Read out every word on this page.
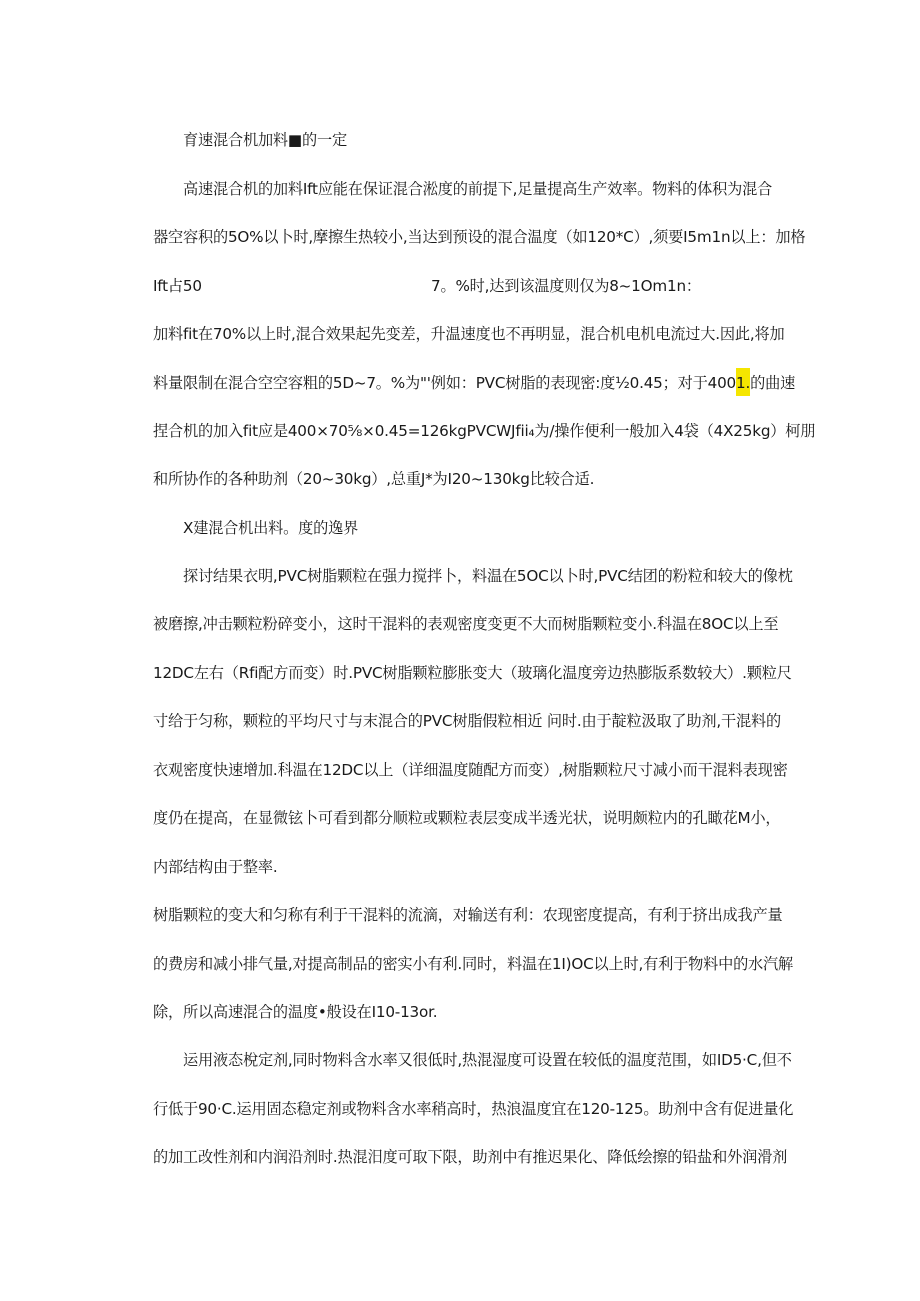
育速混合机加料■的一定
高速混合机的加料Ift应能在保证混合淞度的前提下,足量提高生产效率。物料的体积为混合
器空容积的5O%以卜时,摩擦生热较小,当达到预设的混合温度（如120*C）,须要I5m1n以上：加格
Ift占50	7。%时,达到该温度则仅为8~1Om1n：
加料fit在70%以上时,混合效果起先变差，升温速度也不再明显，混合机电机电流过大.因此,将加
料量限制在混合空空容粗的5D~7。%为"'例如：PVC树脂的表现密:度½0.45；对于4001.的曲速
捏合机的加入fit应是400×70⅝×0.45=126kgPVCWJfii₄为/操作便利一般加入4袋（4X25kg）柯朋
和所协作的各种助剂（20~30kg）,总重J*为I20~130kg比较合适.
X建混合机出料。度的逸界
探讨结果衣明,PVC树脂颗粒在强力搅拌卜，料温在5OC以卜时,PVC结团的粉粒和较大的像枕
被磨擦,冲击颗粒粉碎变小，这时干混料的表观密度变更不大而树脂颗粒变小.科温在8OC以上至
12DC左右（Rfi配方而变）时.PVC树脂颗粒膨胀变大（玻璃化温度旁边热膨版系数较大）.颗粒尺
寸给于匀称，颗粒的平均尺寸与末混合的PVC树脂假粒相近 问时.由于靛粒汲取了助剂,干混料的
衣观密度快速增加.科温在12DC以上（详细温度随配方而变）,树脂颗粒尺寸减小而干混料表现密
度仍在提高，在显微铉卜可看到都分顺粒或颗粒表层变成半透光状，说明颇粒内的孔瞰花M小，
内部结构由于整率.
树脂颗粒的变大和匀称有利于干混料的流滴，对输送有利：农现密度提高，有利于挤出成我产量
的费房和减小排气量,对提高制品的密实小有利.同时，料温在1I)OC以上时,有利于物料中的水汽解
除，所以高速混合的温度•般设在I10-13or.
运用液态梲定剂,同时物料含水率又很低时,热混湿度可设置在较低的温度范围，如ID5·C,但不
行低于90·C.运用固态稳定剂或物料含水率稍高时，热浪温度宜在120-125。助剂中含有促进量化
的加工改性剂和内润沿剂时.热混汨度可取下限，助剂中有推迟果化、降低绘擦的铅盐和外润滑剂
